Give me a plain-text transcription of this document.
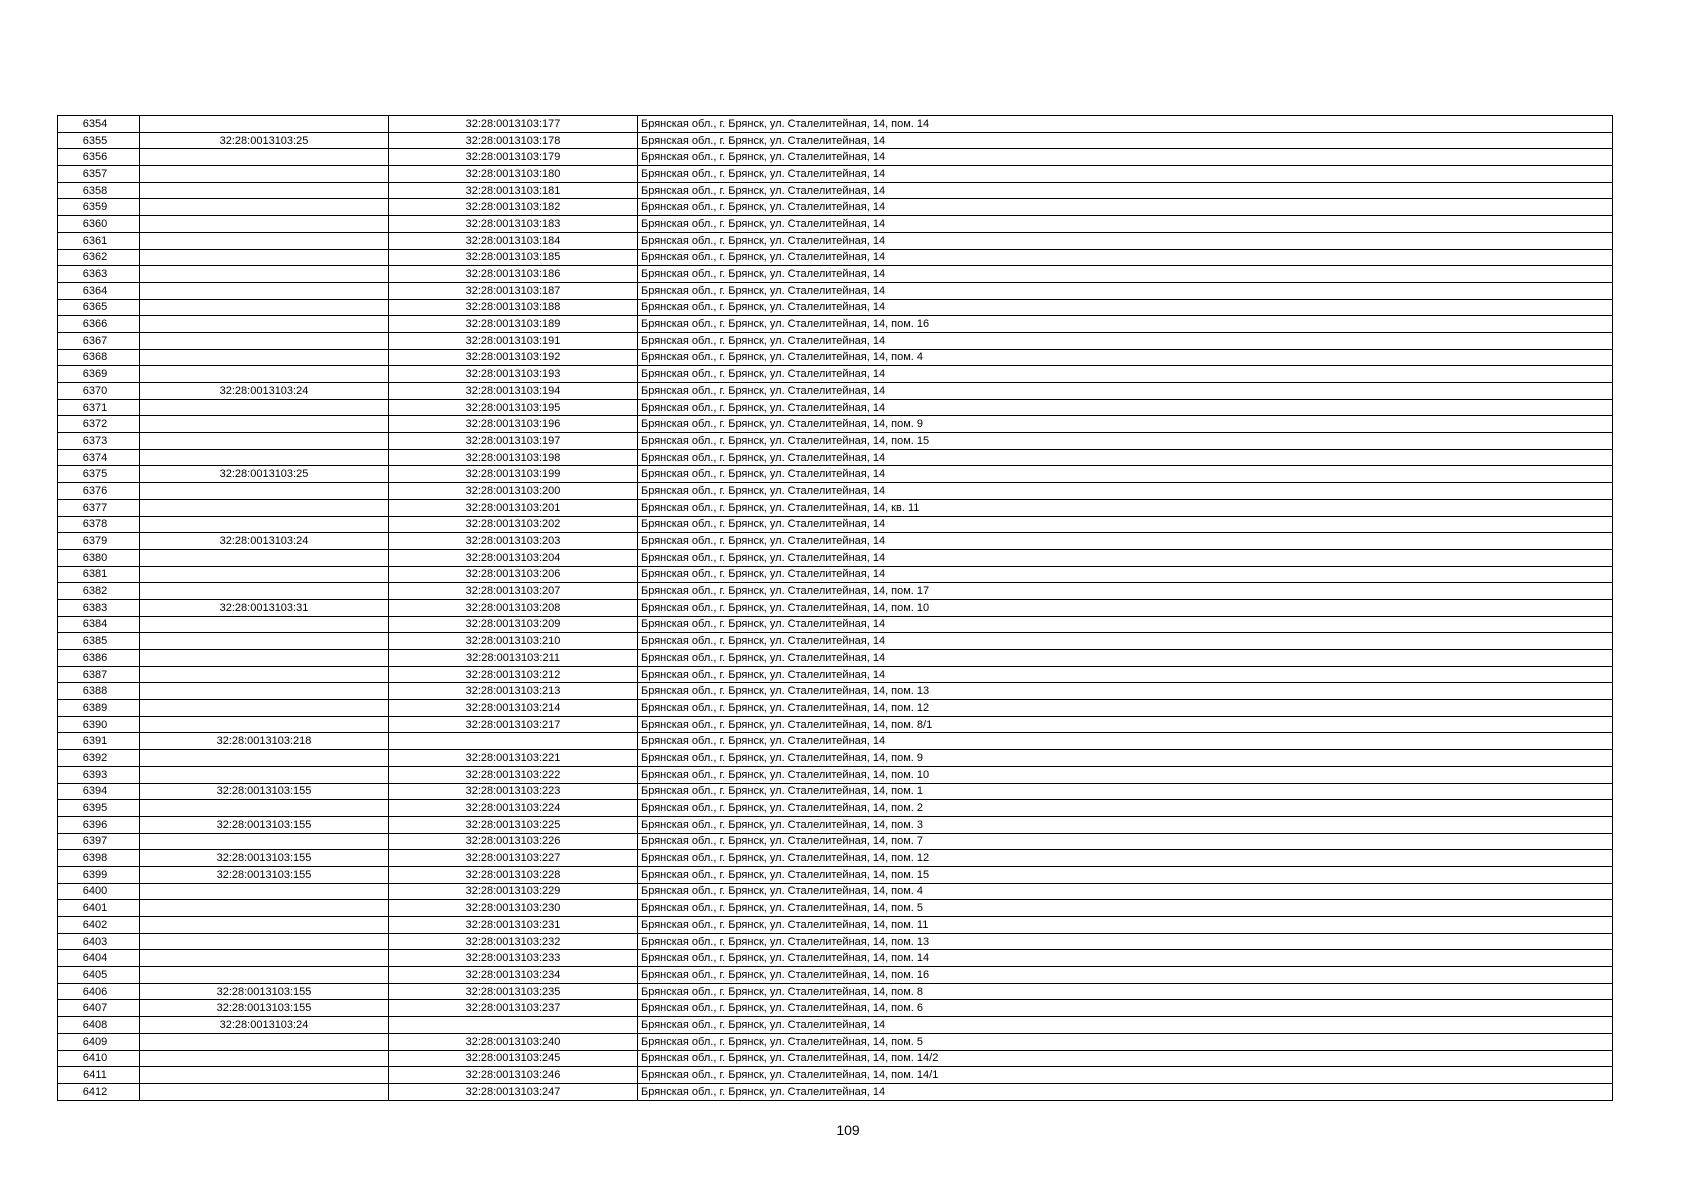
6354		32:28:0013103:177	Брянская обл., г. Брянск, ул. Сталелитейная, 14, пом. 14
6355	32:28:0013103:25	32:28:0013103:178	Брянская обл., г. Брянск, ул. Сталелитейная, 14
6356		32:28:0013103:179	Брянская обл., г. Брянск, ул. Сталелитейная, 14
6357		32:28:0013103:180	Брянская обл., г. Брянск, ул. Сталелитейная, 14
6358		32:28:0013103:181	Брянская обл., г. Брянск, ул. Сталелитейная, 14
6359		32:28:0013103:182	Брянская обл., г. Брянск, ул. Сталелитейная, 14
6360		32:28:0013103:183	Брянская обл., г. Брянск, ул. Сталелитейная, 14
6361		32:28:0013103:184	Брянская обл., г. Брянск, ул. Сталелитейная, 14
6362		32:28:0013103:185	Брянская обл., г. Брянск, ул. Сталелитейная, 14
6363		32:28:0013103:186	Брянская обл., г. Брянск, ул. Сталелитейная, 14
6364		32:28:0013103:187	Брянская обл., г. Брянск, ул. Сталелитейная, 14
6365		32:28:0013103:188	Брянская обл., г. Брянск, ул. Сталелитейная, 14
6366		32:28:0013103:189	Брянская обл., г. Брянск, ул. Сталелитейная, 14, пом. 16
6367		32:28:0013103:191	Брянская обл., г. Брянск, ул. Сталелитейная, 14
6368		32:28:0013103:192	Брянская обл., г. Брянск, ул. Сталелитейная, 14, пом. 4
6369		32:28:0013103:193	Брянская обл., г. Брянск, ул. Сталелитейная, 14
6370	32:28:0013103:24	32:28:0013103:194	Брянская обл., г. Брянск, ул. Сталелитейная, 14
6371		32:28:0013103:195	Брянская обл., г. Брянск, ул. Сталелитейная, 14
6372		32:28:0013103:196	Брянская обл., г. Брянск, ул. Сталелитейная, 14, пом. 9
6373		32:28:0013103:197	Брянская обл., г. Брянск, ул. Сталелитейная, 14, пом. 15
6374		32:28:0013103:198	Брянская обл., г. Брянск, ул. Сталелитейная, 14
6375	32:28:0013103:25	32:28:0013103:199	Брянская обл., г. Брянск, ул. Сталелитейная, 14
6376		32:28:0013103:200	Брянская обл., г. Брянск, ул. Сталелитейная, 14
6377		32:28:0013103:201	Брянская обл., г. Брянск, ул. Сталелитейная, 14, кв. 11
6378		32:28:0013103:202	Брянская обл., г. Брянск, ул. Сталелитейная, 14
6379	32:28:0013103:24	32:28:0013103:203	Брянская обл., г. Брянск, ул. Сталелитейная, 14
6380		32:28:0013103:204	Брянская обл., г. Брянск, ул. Сталелитейная, 14
6381		32:28:0013103:206	Брянская обл., г. Брянск, ул. Сталелитейная, 14
6382		32:28:0013103:207	Брянская обл., г. Брянск, ул. Сталелитейная, 14, пом. 17
6383	32:28:0013103:31	32:28:0013103:208	Брянская обл., г. Брянск, ул. Сталелитейная, 14, пом. 10
6384		32:28:0013103:209	Брянская обл., г. Брянск, ул. Сталелитейная, 14
6385		32:28:0013103:210	Брянская обл., г. Брянск, ул. Сталелитейная, 14
6386		32:28:0013103:211	Брянская обл., г. Брянск, ул. Сталелитейная, 14
6387		32:28:0013103:212	Брянская обл., г. Брянск, ул. Сталелитейная, 14
6388		32:28:0013103:213	Брянская обл., г. Брянск, ул. Сталелитейная, 14, пом. 13
6389		32:28:0013103:214	Брянская обл., г. Брянск, ул. Сталелитейная, 14, пом. 12
6390		32:28:0013103:217	Брянская обл., г. Брянск, ул. Сталелитейная, 14, пом. 8/1
6391	32:28:0013103:218		Брянская обл., г. Брянск, ул. Сталелитейная, 14
6392		32:28:0013103:221	Брянская обл., г. Брянск, ул. Сталелитейная, 14, пом. 9
6393		32:28:0013103:222	Брянская обл., г. Брянск, ул. Сталелитейная, 14, пом. 10
6394	32:28:0013103:155	32:28:0013103:223	Брянская обл., г. Брянск, ул. Сталелитейная, 14, пом. 1
6395		32:28:0013103:224	Брянская обл., г. Брянск, ул. Сталелитейная, 14, пом. 2
6396	32:28:0013103:155	32:28:0013103:225	Брянская обл., г. Брянск, ул. Сталелитейная, 14, пом. 3
6397		32:28:0013103:226	Брянская обл., г. Брянск, ул. Сталелитейная, 14, пом. 7
6398	32:28:0013103:155	32:28:0013103:227	Брянская обл., г. Брянск, ул. Сталелитейная, 14, пом. 12
6399	32:28:0013103:155	32:28:0013103:228	Брянская обл., г. Брянск, ул. Сталелитейная, 14, пом. 15
6400		32:28:0013103:229	Брянская обл., г. Брянск, ул. Сталелитейная, 14, пом. 4
6401		32:28:0013103:230	Брянская обл., г. Брянск, ул. Сталелитейная, 14, пом. 5
6402		32:28:0013103:231	Брянская обл., г. Брянск, ул. Сталелитейная, 14, пом. 11
6403		32:28:0013103:232	Брянская обл., г. Брянск, ул. Сталелитейная, 14, пом. 13
6404		32:28:0013103:233	Брянская обл., г. Брянск, ул. Сталелитейная, 14, пом. 14
6405		32:28:0013103:234	Брянская обл., г. Брянск, ул. Сталелитейная, 14, пом. 16
6406	32:28:0013103:155	32:28:0013103:235	Брянская обл., г. Брянск, ул. Сталелитейная, 14, пом. 8
6407	32:28:0013103:155	32:28:0013103:237	Брянская обл., г. Брянск, ул. Сталелитейная, 14, пом. 6
6408	32:28:0013103:24		Брянская обл., г. Брянск, ул. Сталелитейная, 14
6409		32:28:0013103:240	Брянская обл., г. Брянск, ул. Сталелитейная, 14, пом. 5
6410		32:28:0013103:245	Брянская обл., г. Брянск, ул. Сталелитейная, 14, пом. 14/2
6411		32:28:0013103:246	Брянская обл., г. Брянск, ул. Сталелитейная, 14, пом. 14/1
6412		32:28:0013103:247	Брянская обл., г. Брянск, ул. Сталелитейная, 14
109
